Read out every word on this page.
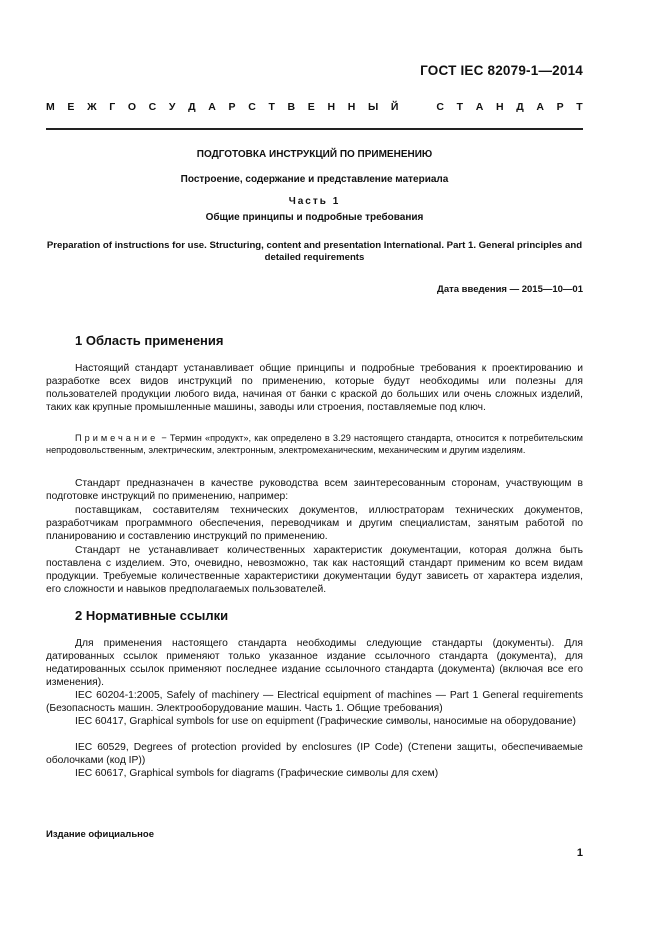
ГОСТ IEC 82079-1—2014
М Е Ж Г О С У Д А Р С Т В Е Н Н Ы Й	С Т А Н Д А Р Т
ПОДГОТОВКА ИНСТРУКЦИЙ ПО ПРИМЕНЕНИЮ
Построение, содержание и представление материала
Часть 1
Общие принципы и подробные требования
Preparation of instructions for use. Structuring, content and presentation International. Part 1. General principles and detailed requirements
Дата введения — 2015—10—01
1 Область применения

Настоящий стандарт устанавливает общие принципы и подробные требования к проектированию и разработке всех видов инструкций по применению, которые будут необходимы или полезны для пользователей продукции любого вида, начиная от банки с краской до больших или очень сложных изделий, таких как крупные промышленные машины, заводы или строения, поставляемые под ключ.

Примечание − Термин «продукт», как определено в 3.29 настоящего стандарта, относится к потребительским непродовольственным, электрическим, электронным, электромеханическим, механическим и другим изделиям.

Стандарт предназначен в качестве руководства всем заинтересованным сторонам, участвующим в подготовке инструкций по применению, например:

поставщикам, составителям технических документов, иллюстраторам технических документов, разработчикам программного обеспечения, переводчикам и другим специалистам, занятым работой по планированию и составлению инструкций по применению.

Стандарт не устанавливает количественных характеристик документации, которая должна быть поставлена с изделием. Это, очевидно, невозможно, так как настоящий стандарт применим ко всем видам продукции. Требуемые количественные характеристики документации будут зависеть от характера изделия, его сложности и навыков предполагаемых пользователей.

2 Нормативные ссылки

Для применения настоящего стандарта необходимы следующие стандарты (документы). Для датированных ссылок применяют только указанное издание ссылочного стандарта (документа), для недатированных ссылок применяют последнее издание ссылочного стандарта (документа) (включая все его изменения).

IEC 60204-1:2005, Safely of machinery — Electrical equipment of machines — Part 1 General requirements (Безопасность машин. Электрооборудование машин. Часть 1. Общие требования)

IEC 60417, Graphical symbols for use on equipment (Графические символы, наносимые на оборудование)

IEC 60529, Degrees of protection provided by enclosures (IP Code) (Степени защиты, обеспечиваемые оболочками (код IP))

IEC 60617, Graphical symbols for diagrams (Графические символы для схем)

Издание официальное
1
